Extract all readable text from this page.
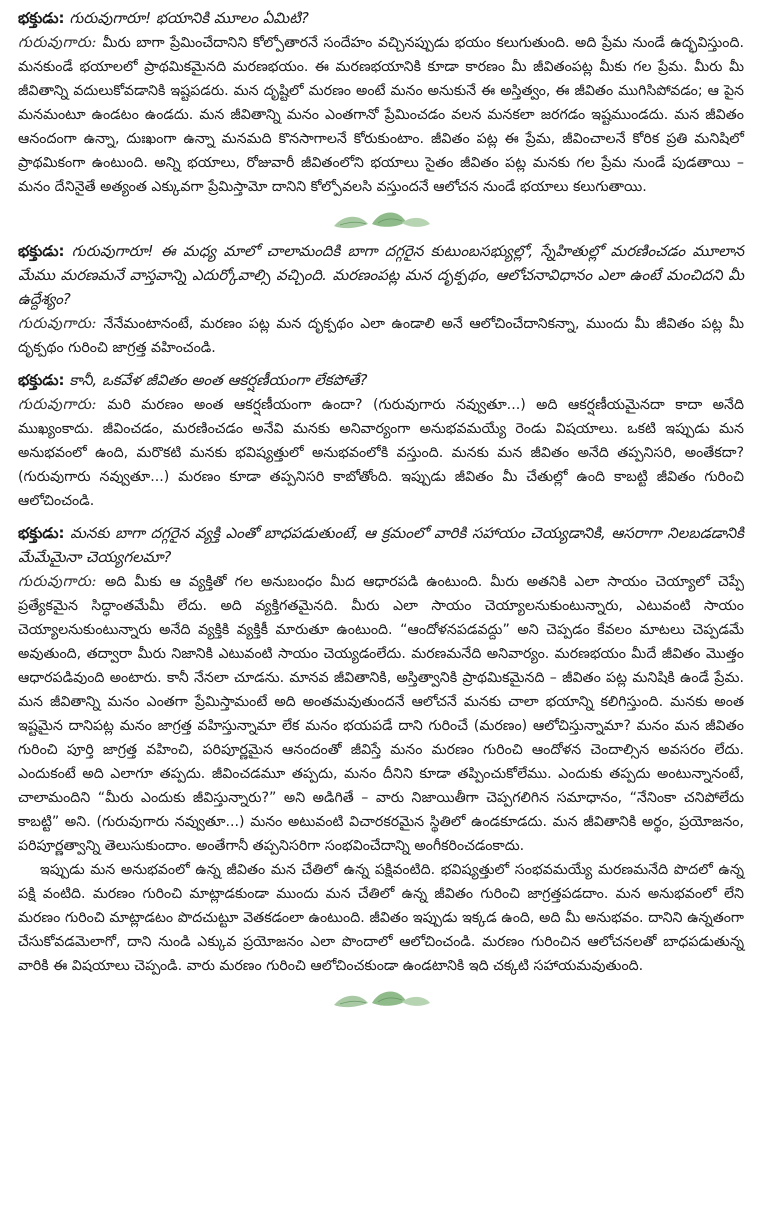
భక్తుడు: గురువుగారూ! భయానికి మూలం ఏమిటి?

గురువుగారు: మీరు బాగా ప్రేమించేదానిని కోల్పోతారనే సందేహం వచ్చినప్పుడు భయం కలుగుతుంది. అది ప్రేమ నుండే ఉద్భవిస్తుంది. మనకుండే భయాలలో ప్రాథమికమైనది మరణభయం. ఈ మరణభయానికి కూడా కారణం మీ జీవితంపట్ల మీకు గల ప్రేమ. మీరు మీ జీవితాన్ని వదులుకోవడానికి ఇష్టపడరు. మన దృష్టిలో మరణం అంటే మనం అనుకునే ఈ అస్తిత్వం, ఈ జీవితం ముగిసిపోవడం; ఆ పైన మనమంటూ ఉండటం ఉండదు. మన జీవితాన్ని మనం ఎంతగానో ప్రేమించడం వలన మనకలా జరగడం ఇష్టముండదు. మన జీవితం ఆనందంగా ఉన్నా, దుఃఖంగా ఉన్నా మనమది కొనసాగాలనే కోరుకుంటాం. జీవితం పట్ల ఈ ప్రేమ, జీవించాలనే కోరిక ప్రతి మనిషిలో ప్రాథమికంగా ఉంటుంది. అన్ని భయాలు, రోజువారీ జీవితంలోని భయాలు సైతం జీవితం పట్ల మనకు గల ప్రేమ నుండే పుడతాయి – మనం దేనినైతే అత్యంత ఎక్కువగా ప్రేమిస్తామో దానిని కోల్పోవలసి వస్తుందనే ఆలోచన నుండే భయాలు కలుగుతాయి.

భక్తుడు: గురువుగారూ! ఈ మధ్య మాలో చాలామందికి బాగా దగ్గరైన కుటుంబసభ్యుల్లో, స్నేహితుల్లో మరణించడం మూలాన మేము మరణమనే వాస్తవాన్ని ఎదుర్కోవాల్సి వచ్చింది. మరణంపట్ల మన దృక్పథం, ఆలోచనావిధానం ఎలా ఉంటే మంచిదని మీ ఉద్దేశ్యం?

గురువుగారు: నేనేమంటానంటే, మరణం పట్ల మన దృక్పథం ఎలా ఉండాలి అనే ఆలోచించేదానికన్నా, ముందు మీ జీవితం పట్ల మీ దృక్పథం గురించి జాగ్రత్త వహించండి.

భక్తుడు: కానీ, ఒకవేళ జీవితం అంత ఆకర్షణీయంగా లేకపోతే?

గురువుగారు: మరి మరణం అంత ఆకర్షణీయంగా ఉందా? (గురువుగారు నవ్వుతూ...) అది ఆకర్షణీయమైనదా కాదా అనేది ముఖ్యంకాదు. జీవించడం, మరణించడం అనేవి మనకు అనివార్యంగా అనుభవమయ్యే రెండు విషయాలు. ఒకటి ఇప్పుడు మన అనుభవంలో ఉంది, మరొకటి మనకు భవిష్యత్తులో అనుభవంలోకి వస్తుంది. మనకు మన జీవితం అనేది తప్పనిసరి, అంతేకదా? (గురువుగారు నవ్వుతూ...) మరణం కూడా తప్పనిసరి కాబోతోంది. ఇప్పుడు జీవితం మీ చేతుల్లో ఉంది కాబట్టి జీవితం గురించి ఆలోచించండి.

భక్తుడు: మనకు బాగా దగ్గరైన వ్యక్తి ఎంతో బాధపడుతుంటే, ఆ క్రమంలో వారికి సహాయం చెయ్యడానికి, ఆసరాగా నిలబడడానికి మేమేమైనా చెయ్యగలమా?

గురువుగారు: అది మీకు ఆ వ్యక్తితో గల అనుబంధం మీద ఆధారపడి ఉంటుంది. మీరు అతనికి ఎలా సాయం చెయ్యాలో చెప్పే ప్రత్యేకమైన సిద్ధాంతమేమీ లేదు. అది వ్యక్తిగతమైనది. మీరు ఎలా సాయం చెయ్యాలనుకుంటున్నారు, ఎటువంటి సాయం చెయ్యాలనుకుంటున్నారు అనేది వ్యక్తికి వ్యక్తికీ మారుతూ ఉంటుంది. “ఆందోళనపడవద్దు” అని చెప్పడం కేవలం మాటలు చెప్పడమే అవుతుంది, తద్వారా మీరు నిజానికి ఎటువంటి సాయం చెయ్యడంలేదు. మరణమనేది అనివార్యం. మరణభయం మీదే జీవితం మొత్తం ఆధారపడివుంది అంటారు. కానీ నేనలా చూడను. మానవ జీవితానికి, అస్తిత్వానికి ప్రాథమికమైనది – జీవితం పట్ల మనిషికి ఉండే ప్రేమ. మన జీవితాన్ని మనం ఎంతగా ప్రేమిస్తామంటే అది అంతమవుతుందనే ఆలోచనే మనకు చాలా భయాన్ని కలిగిస్తుంది. మనకు అంత ఇష్టమైన దానిపట్ల మనం జాగ్రత్త వహిస్తున్నామా లేక మనం భయపడే దాని గురించే (మరణం) ఆలోచిస్తున్నామా? మనం మన జీవితం గురించి పూర్తి జాగ్రత్త వహించి, పరిపూర్ణమైన ఆనందంతో జీవిస్తే మనం మరణం గురించి ఆందోళన చెందాల్సిన అవసరం లేదు. ఎందుకంటే అది ఎలాగూ తప్పదు. జీవించడమూ తప్పదు, మనం దీనిని కూడా తప్పించుకోలేము. ఎందుకు తప్పదు అంటున్నానంటే, చాలామందిని “మీరు ఎందుకు జీవిస్తున్నారు?” అని అడిగితే – వారు నిజాయితీగా చెప్పగలిగిన సమాధానం, “నేనింకా చనిపోలేదు కాబట్టి” అని. (గురువుగారు నవ్వుతూ...) మనం అటువంటి విచారకరమైన స్థితిలో ఉండకూడదు. మన జీవితానికి అర్థం, ప్రయోజనం, పరిపూర్ణత్వాన్ని తెలుసుకుందాం. అంతేగానీ తప్పనిసరిగా సంభవించేదాన్ని అంగీకరించడంకాదు.

ఇప్పుడు మన అనుభవంలో ఉన్న జీవితం మన చేతిలో ఉన్న పక్షివంటిది. భవిష్యత్తులో సంభవమయ్యే మరణమనేది పొదలో ఉన్న పక్షి వంటిది. మరణం గురించి మాట్లాడకుండా ముందు మన చేతిలో ఉన్న జీవితం గురించి జాగ్రత్తపడదాం. మన అనుభవంలో లేని మరణం గురించి మాట్లాడటం పొదచుట్టూ వెతకడంలా ఉంటుంది. జీవితం ఇప్పుడు ఇక్కడ ఉంది, అది మీ అనుభవం. దానిని ఉన్నతంగా చేసుకోవడమెలాగో, దాని నుండి ఎక్కువ ప్రయోజనం ఎలా పొందాలో ఆలోచించండి. మరణం గురించిన ఆలోచనలతో బాధపడుతున్న వారికి ఈ విషయాలు చెప్పండి. వారు మరణం గురించి ఆలోచించకుండా ఉండటానికి ఇది చక్కటి సహాయమవుతుంది.
